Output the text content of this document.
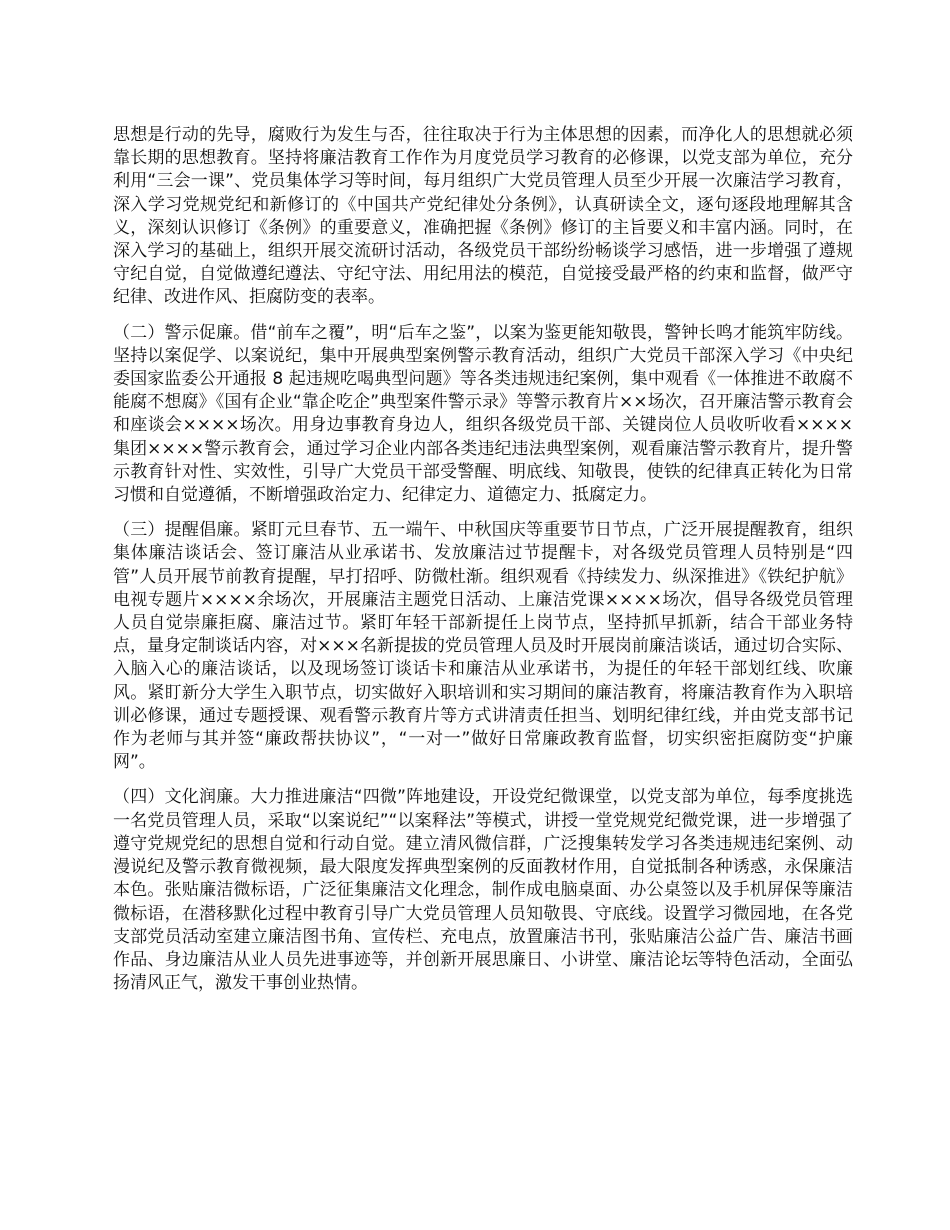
思想是行动的先导，腐败行为发生与否，往往取决于行为主体思想的因素，而净化人的思想就必须靠长期的思想教育。坚持将廉洁教育工作作为月度党员学习教育的必修课，以党支部为单位，充分利用“三会一课”、党员集体学习等时间，每月组织广大党员管理人员至少开展一次廉洁学习教育，深入学习党规党纪和新修订的《中国共产党纪律处分条例》，认真研读全文，逐句逐段地理解其含义，深刻认识修订《条例》的重要意义，准确把握《条例》修订的主旨要义和丰富内涵。同时，在深入学习的基础上，组织开展交流研讨活动，各级党员干部纷纷畅谈学习感悟，进一步增强了遵规守纪自觉，自觉做遵纪遵法、守纪守法、用纪用法的模范，自觉接受最严格的约束和监督，做严守纪律、改进作风、拒腐防变的表率。

（二）警示促廉。借“前车之覆”，明“后车之鉴”，以案为鉴更能知敬畏，警钟长鸣才能筑牢防线。坚持以案促学、以案说纪，集中开展典型案例警示教育活动，组织广大党员干部深入学习《中央纪委国家监委公开通报 8 起违规吃喝典型问题》等各类违规违纪案例，集中观看《一体推进不敢腐不能腐不想腐》《国有企业“靠企吃企”典型案件警示录》等警示教育片××场次，召开廉洁警示教育会和座谈会××××场次。用身边事教育身边人，组织各级党员干部、关键岗位人员收听收看××××集团××××警示教育会，通过学习企业内部各类违纪违法典型案例，观看廉洁警示教育片，提升警示教育针对性、实效性，引导广大党员干部受警醒、明底线、知敬畏，使铁的纪律真正转化为日常习惯和自觉遵循，不断增强政治定力、纪律定力、道德定力、抵腐定力。

（三）提醒倡廉。紧盯元旦春节、五一端午、中秋国庆等重要节日节点，广泛开展提醒教育，组织集体廉洁谈话会、签订廉洁从业承诺书、发放廉洁过节提醒卡，对各级党员管理人员特别是“四管”人员开展节前教育提醒，早打招呼、防微杜渐。组织观看《持续发力、纵深推进》《铁纪护航》电视专题片××××余场次，开展廉洁主题党日活动、上廉洁党课××××场次，倡导各级党员管理人员自觉崇廉拒腐、廉洁过节。紧盯年轻干部新提任上岗节点，坚持抓早抓新，结合干部业务特点，量身定制谈话内容，对×××名新提拔的党员管理人员及时开展岗前廉洁谈话，通过切合实际、入脑入心的廉洁谈话，以及现场签订谈话卡和廉洁从业承诺书，为提任的年轻干部划红线、吹廉风。紧盯新分大学生入职节点，切实做好入职培训和实习期间的廉洁教育，将廉洁教育作为入职培训必修课，通过专题授课、观看警示教育片等方式讲清责任担当、划明纪律红线，并由党支部书记作为老师与其并签“廉政帮扶协议”，“一对一”做好日常廉政教育监督，切实织密拒腐防变“护廉网”。

（四）文化润廉。大力推进廉洁“四微”阵地建设，开设党纪微课堂，以党支部为单位，每季度挑选一名党员管理人员，采取“以案说纪”“以案释法”等模式，讲授一堂党规党纪微党课，进一步增强了遵守党规党纪的思想自觉和行动自觉。建立清风微信群，广泛搜集转发学习各类违规违纪案例、动漫说纪及警示教育微视频，最大限度发挥典型案例的反面教材作用，自觉抵制各种诱惑，永保廉洁本色。张贴廉洁微标语，广泛征集廉洁文化理念，制作成电脑桌面、办公桌签以及手机屏保等廉洁微标语，在潜移默化过程中教育引导广大党员管理人员知敬畏、守底线。设置学习微园地，在各党支部党员活动室建立廉洁图书角、宣传栏、充电点，放置廉洁书刊，张贴廉洁公益广告、廉洁书画作品、身边廉洁从业人员先进事迹等，并创新开展思廉日、小讲堂、廉洁论坛等特色活动，全面弘扬清风正气，激发干事创业热情。
